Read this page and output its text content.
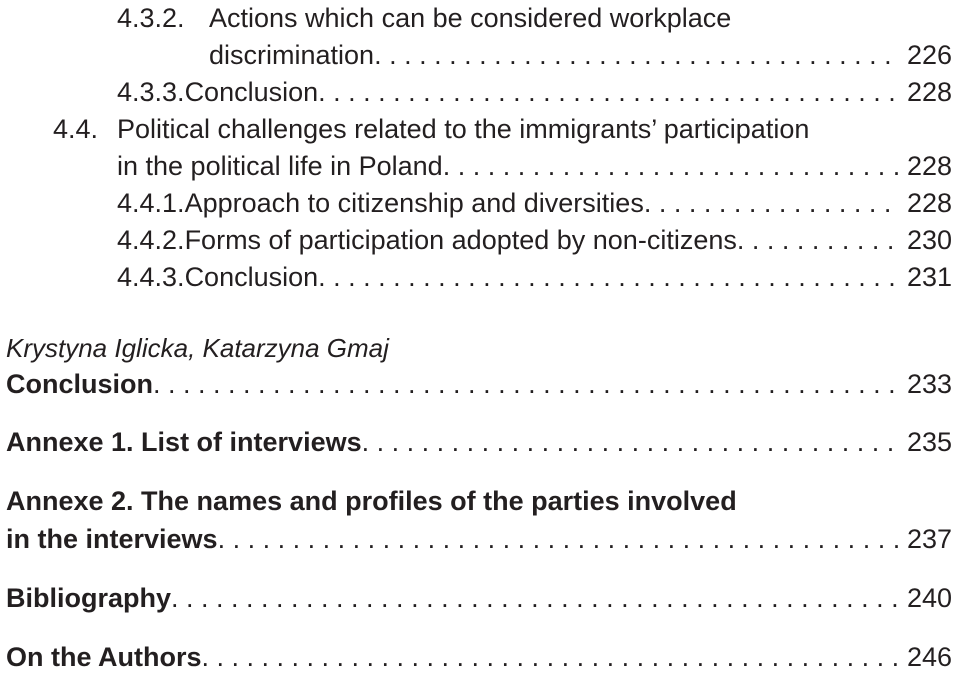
4.3.2. Actions which can be considered workplace
discrimination . . .	226
4.3.3. Conclusion . . .	228
4.4. Political challenges related to the immigrants’ participation
in the political life in Poland . . .	228
4.4.1. Approach to citizenship and diversities . . .	228
4.4.2. Forms of participation adopted by non-citizens . . .	230
4.4.3. Conclusion . . .	231
Krystyna Iglicka, Katarzyna Gmaj
Conclusion . . .	233
Annexe 1. List of interviews . . .	235
Annexe 2. The names and profiles of the parties involved
in the interviews . . .	237
Bibliography . . .	240
On the Authors . . .	246
